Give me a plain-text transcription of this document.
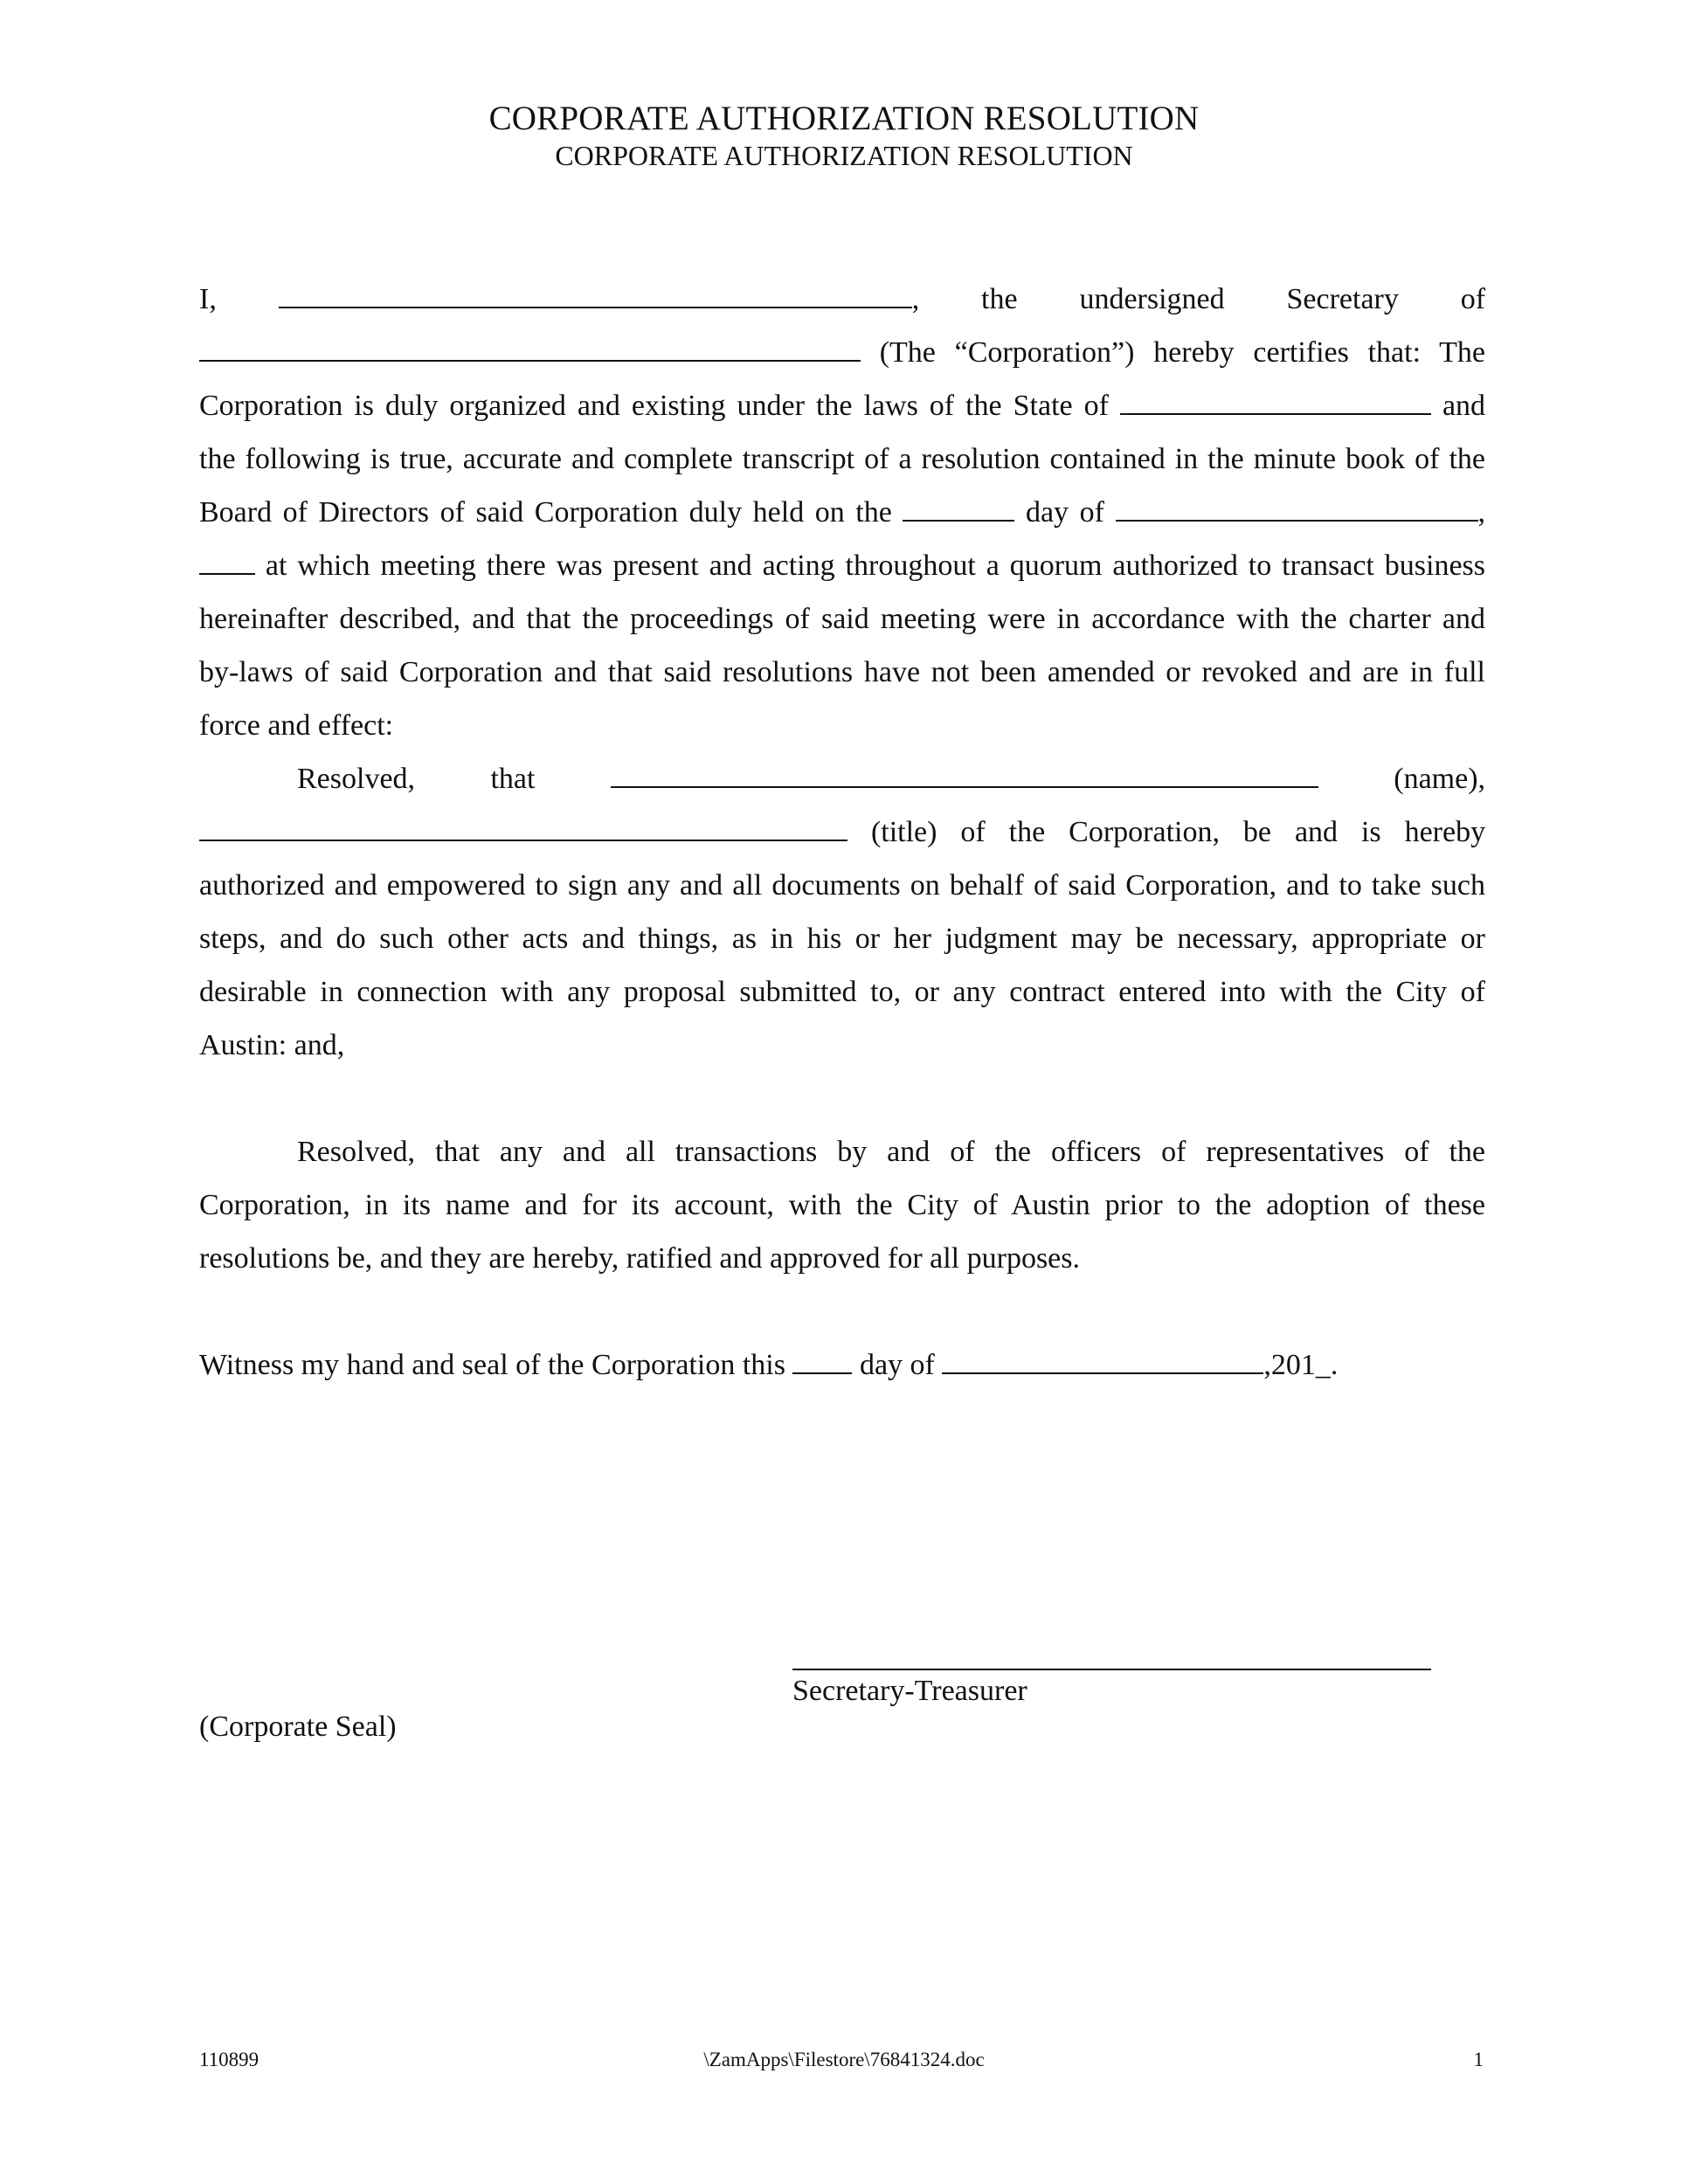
CORPORATE AUTHORIZATION RESOLUTION
CORPORATE AUTHORIZATION RESOLUTION
I,	, the undersigned Secretary of
(The “Corporation”) hereby certifies that: The
Corporation is duly organized and existing under the laws of the State of	and
the following is true, accurate and complete transcript of a resolution contained in the minute book of the
Board of Directors of said Corporation duly held on the	day of	,
at which meeting there was present and acting throughout a quorum authorized to transact business
hereinafter described, and that the proceedings of said meeting were in accordance with the charter and
by-laws of said Corporation and that said resolutions have not been amended or revoked and are in full
force and effect:
Resolved,	that	(name),
(title) of the Corporation, be and is hereby
authorized and empowered to sign any and all documents on behalf of said Corporation, and to take such
steps, and do such other acts and things, as in his or her judgment may be necessary, appropriate or
desirable in connection with any proposal submitted to, or any contract entered into with the City of
Austin: and,
Resolved, that any and all transactions by and of the officers of representatives of the
Corporation, in its name and for its account, with the City of Austin prior to the adoption of these
resolutions be, and they are hereby, ratified and approved for all purposes.
Witness my hand and seal of the Corporation this	day of	,201_.
Secretary-Treasurer
(Corporate Seal)
110899	\ZamApps\Filestore\76841324.doc	1
